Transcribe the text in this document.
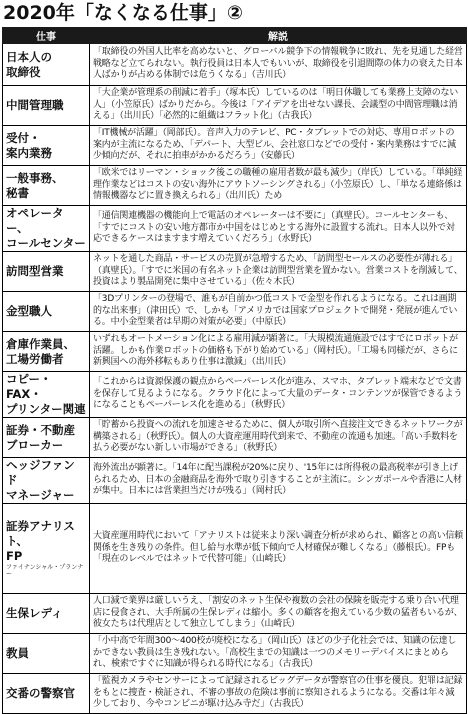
2020年「なくなる仕事」②
仕事	解説
日本人の
取締役	「取締役の外国人比率を高めないと、グローバル競争下の情報戦争に敗れ、先を見通した経営戦略など立てられない。執行役員は日本人でもいいが、取締役を引退間際の体力の衰えた日本人ばかりが占める体制では危うくなる」（吉川氏）
中間管理職	「大企業が管理系の削減に着手」（塚本氏）しているのは「明日休職しても業務上支障のない人」（小笠原氏）ばかりだから。今後は「アイデアを出せない課長、会議型の中間管理職は消える」（出川氏）「必然的に組織はフラット化」（古我氏）
受付・
案内業務	「IT機械が活躍」（岡部氏）。音声入力のテレビ、PC・タブレットでの対応、専用ロボットの案内が主流になるため、「デパート、大型ビル、会社窓口などでの受付・案内業務はすでに減少傾向だが、それに拍車がかかるだろう」（安藤氏）
一般事務、
秘書	「欧米ではリーマン・ショック後この職種の雇用者数が最も減少」（岸氏）している。「単純経理作業などはコストの安い海外にアウトソーシングされる」（小笠原氏）し、「単なる連絡係は情報機器などに置き換えられる」（出川氏）ため
オペレーター、
コールセンター	「通信関連機器の機能向上で電話のオペレーターは不要に」（真壁氏）。コールセンターも、「すでにコストの安い地方都市か中国をはじめとする海外に設置する流れ。日本人以外で対応できるケースはますます増えていくだろう」（水野氏）
訪問型営業	ネットを通した商品・サービスの売買が急増するため、「訪問型セールスの必要性が薄れる」（真壁氏）。「すでに米国の有名ネット企業は訪問型営業を置かない。営業コストを削減して、投資はより製品開発に集中させている」（佐々木氏）
金型職人	「3Dプリンターの登場で、誰もが自前かつ低コストで金型を作れるようになる。これは画期的な出来事」（津田氏）で、しかも「アメリカでは国家プロジェクトで開発・発展が進んでいる。中小金型業者は早期の対策が必要」（中原氏）
倉庫作業員、
工場労働者	いずれもオートメーション化による雇用減が顕著に。「大規模流通施設ではすでにロボットが活躍。しかも作業ロボットの価格も下がり始めている」（岡村氏）。「工場も同様だが、さらに新興国への海外移転もあり仕事は激減」（出川氏）
コピー・FAX・
プリンター関連	「これからは資源保護の観点からペーパーレス化が進み、スマホ、タブレット端末などで文書を保存して見るようになる。クラウド化によって大量のデータ・コンテンツが保管できるようになることもペーパーレス化を進める」（秋野氏）
証券・不動産
ブローカー	「貯蓄から投資への流れを加速させるために、個人が取引所へ直接注文できるネットワークが構築される」（秋野氏）。個人の大資産運用時代到来で、不動産の流通も加速。「高い手数料を払う必要がない新しい市場ができる」（秋野氏）
ヘッジファンド
マネージャー	海外流出が顕著に。「14年に配当課税が20%に戻り、'15年には所得税の最高税率が引き上げられるため、日本の金融商品を海外で取り引きすることが主流に。シンガポールや香港に人材が集中。日本には営業担当だけが残る」（岡村氏）

証券アナリスト、
FP

ファイナンシャル・プランナー	大資産運用時代において「アナリストは従来より深い調査分析が求められ、顧客との高い信頼関係を生き残りの条件。但し給与水準が低下傾向で人材確保が難しくなる」（藤根氏）。FPも「現在のレベルではネットで代替可能」（山崎氏）
生保レディ	人口減で業界は厳しいうえ、「割安のネット生保や複数の会社の保険を販売する乗り合い代理店に侵食され、大手所属の生保レディは縮小。多くの顧客を抱えている少数の猛者もいるが、彼女たちは代理店として独立してしまう」（山崎氏）
教員	「小中高で年間300～400校が廃校になる」（岡山氏）ほどの少子化社会では、知識の伝達しかできない教員は生き残れない。「高校生までの知識は一つのメモリーデバイスにまとめられ、検索ですぐに知識が得られる時代になる」（古我氏）
交番の警察官	「監視カメラやセンサーによって記録されるビッグデータが警察官の仕事を優良。犯罪は記録をもとに捜査・検証され、不審の事故の危険は事前に察知されるようになる。交番は年々減少しており、今やコンビニが駆け込み寺だ」（古我氏）
